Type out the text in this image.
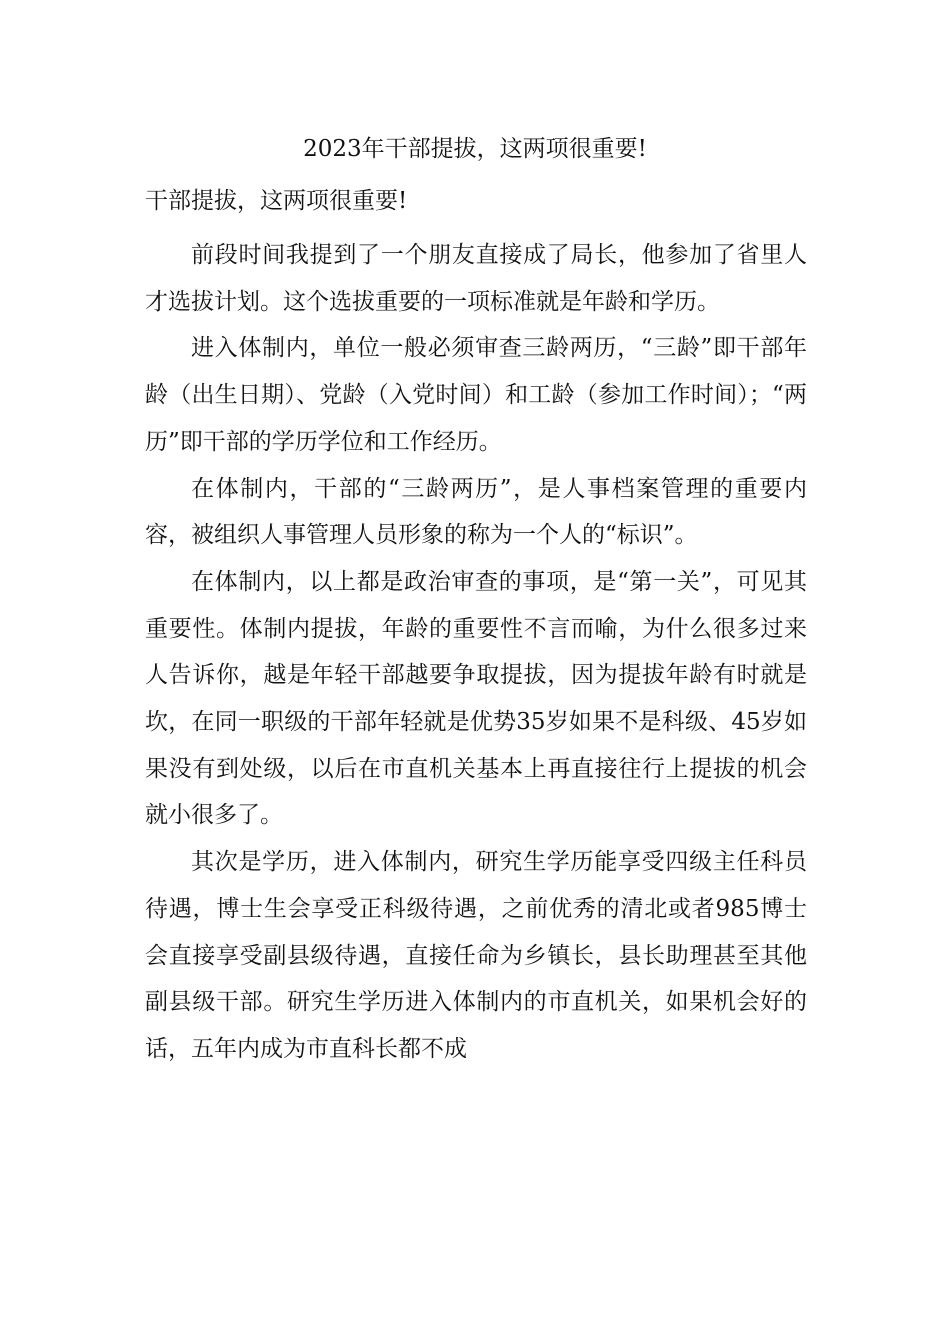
2023年干部提拔，这两项很重要!
干部提拔，这两项很重要!

前段时间我提到了一个朋友直接成了局长，他参加了省里人才选拔计划。这个选拔重要的一项标准就是年龄和学历。

进入体制内，单位一般必须审查三龄两历，“三龄”即干部年龄（出生日期）、党龄（入党时间）和工龄（参加工作时间）；“两历”即干部的学历学位和工作经历。

在体制内，干部的“三龄两历”，是人事档案管理的重要内容，被组织人事管理人员形象的称为一个人的“标识”。

在体制内，以上都是政治审查的事项，是“第一关”，可见其重要性。体制内提拔，年龄的重要性不言而喻，为什么很多过来人告诉你，越是年轻干部越要争取提拔，因为提拔年龄有时就是坎，在同一职级的干部年轻就是优势35岁如果不是科级、45岁如果没有到处级，以后在市直机关基本上再直接往行上提拔的机会就小很多了。

其次是学历，进入体制内，研究生学历能享受四级主任科员待遇，博士生会享受正科级待遇，之前优秀的清北或者985博士会直接享受副县级待遇，直接任命为乡镇长，县长助理甚至其他副县级干部。研究生学历进入体制内的市直机关，如果机会好的话，五年内成为市直科长都不成
